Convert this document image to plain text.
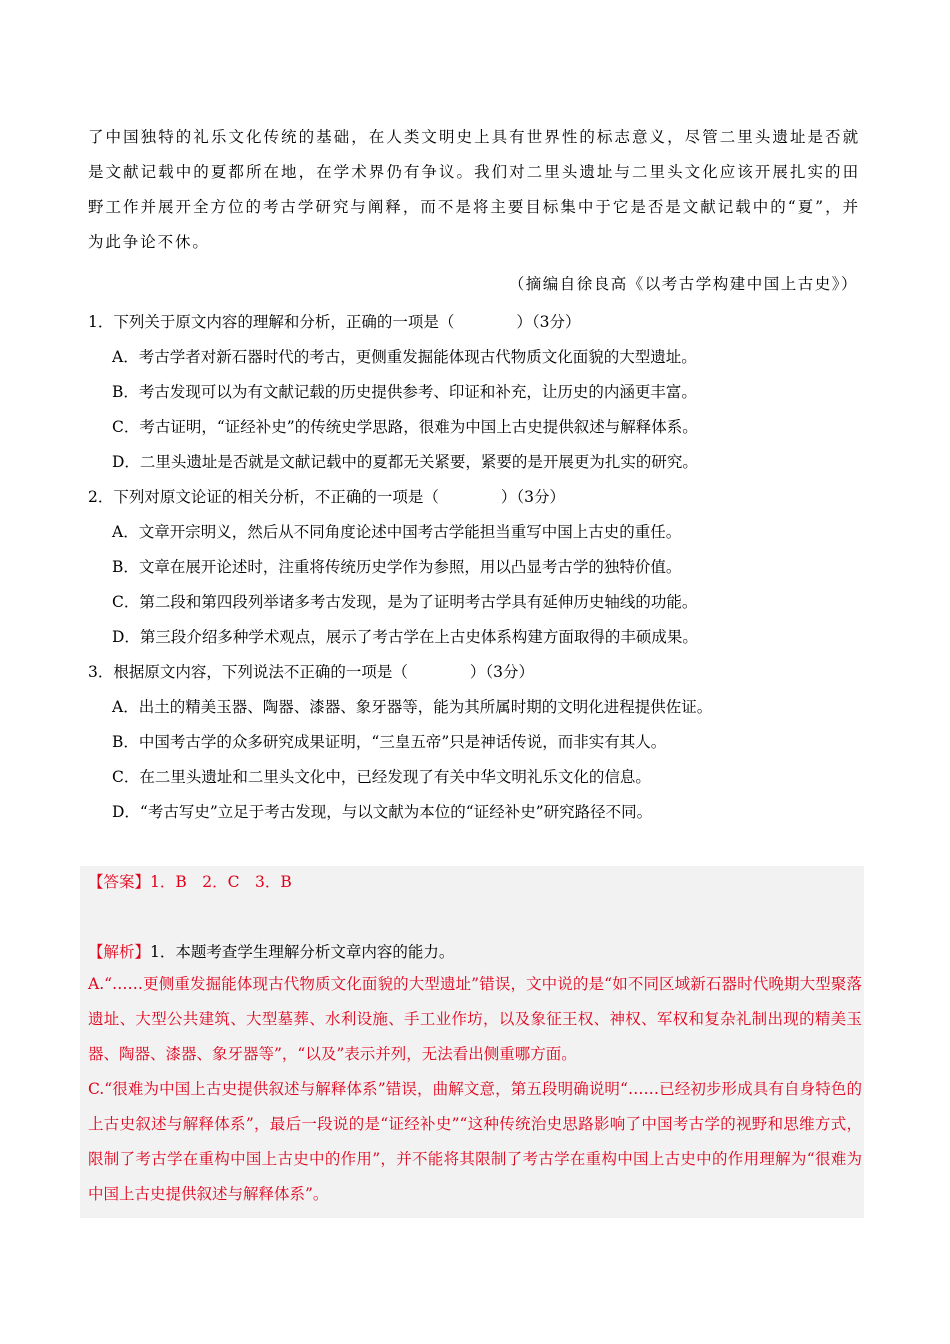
了中国独特的礼乐文化传统的基础，在人类文明史上具有世界性的标志意义，尽管二里头遗址是否就是文献记载中的夏都所在地，在学术界仍有争议。我们对二里头遗址与二里头文化应该开展扎实的田野工作并展开全方位的考古学研究与阐释，而不是将主要目标集中于它是否是文献记载中的“夏”，并为此争论不休。

（摘编自徐良高《以考古学构建中国上古史》）
1．下列关于原文内容的理解和分析，正确的一项是（　　　　）（3分）
A．考古学者对新石器时代的考古，更侧重发掘能体现古代物质文化面貌的大型遗址。
B．考古发现可以为有文献记载的历史提供参考、印证和补充，让历史的内涵更丰富。
C．考古证明，“证经补史”的传统史学思路，很难为中国上古史提供叙述与解释体系。
D．二里头遗址是否就是文献记载中的夏都无关紧要，紧要的是开展更为扎实的研究。
2．下列对原文论证的相关分析，不正确的一项是（　　　　）（3分）
A．文章开宗明义，然后从不同角度论述中国考古学能担当重写中国上古史的重任。
B．文章在展开论述时，注重将传统历史学作为参照，用以凸显考古学的独特价值。
C．第二段和第四段列举诸多考古发现，是为了证明考古学具有延伸历史轴线的功能。
D．第三段介绍多种学术观点，展示了考古学在上古史体系构建方面取得的丰硕成果。
3．根据原文内容，下列说法不正确的一项是（　　　　）（3分）
A．出土的精美玉器、陶器、漆器、象牙器等，能为其所属时期的文明化进程提供佐证。
B．中国考古学的众多研究成果证明，“三皇五帝”只是神话传说，而非实有其人。
C．在二里头遗址和二里头文化中，已经发现了有关中华文明礼乐文化的信息。
D．“考古写史”立足于考古发现，与以文献为本位的“证经补史”研究路径不同。
【答案】1．B　2．C　3．B
【解析】1．本题考查学生理解分析文章内容的能力。

A.“……更侧重发掘能体现古代物质文化面貌的大型遗址”错误，文中说的是“如不同区域新石器时代晚期大型聚落遗址、大型公共建筑、大型墓葬、水利设施、手工业作坊，以及象征王权、神权、军权和复杂礼制出现的精美玉器、陶器、漆器、象牙器等”，“以及”表示并列，无法看出侧重哪方面。

C.“很难为中国上古史提供叙述与解释体系”错误，曲解文意，第五段明确说明“……已经初步形成具有自身特色的上古史叙述与解释体系”，最后一段说的是“证经补史”“这种传统治史思路影响了中国考古学的视野和思维方式，限制了考古学在重构中国上古史中的作用”，并不能将其限制了考古学在重构中国上古史中的作用理解为“很难为中国上古史提供叙述与解释体系”。
